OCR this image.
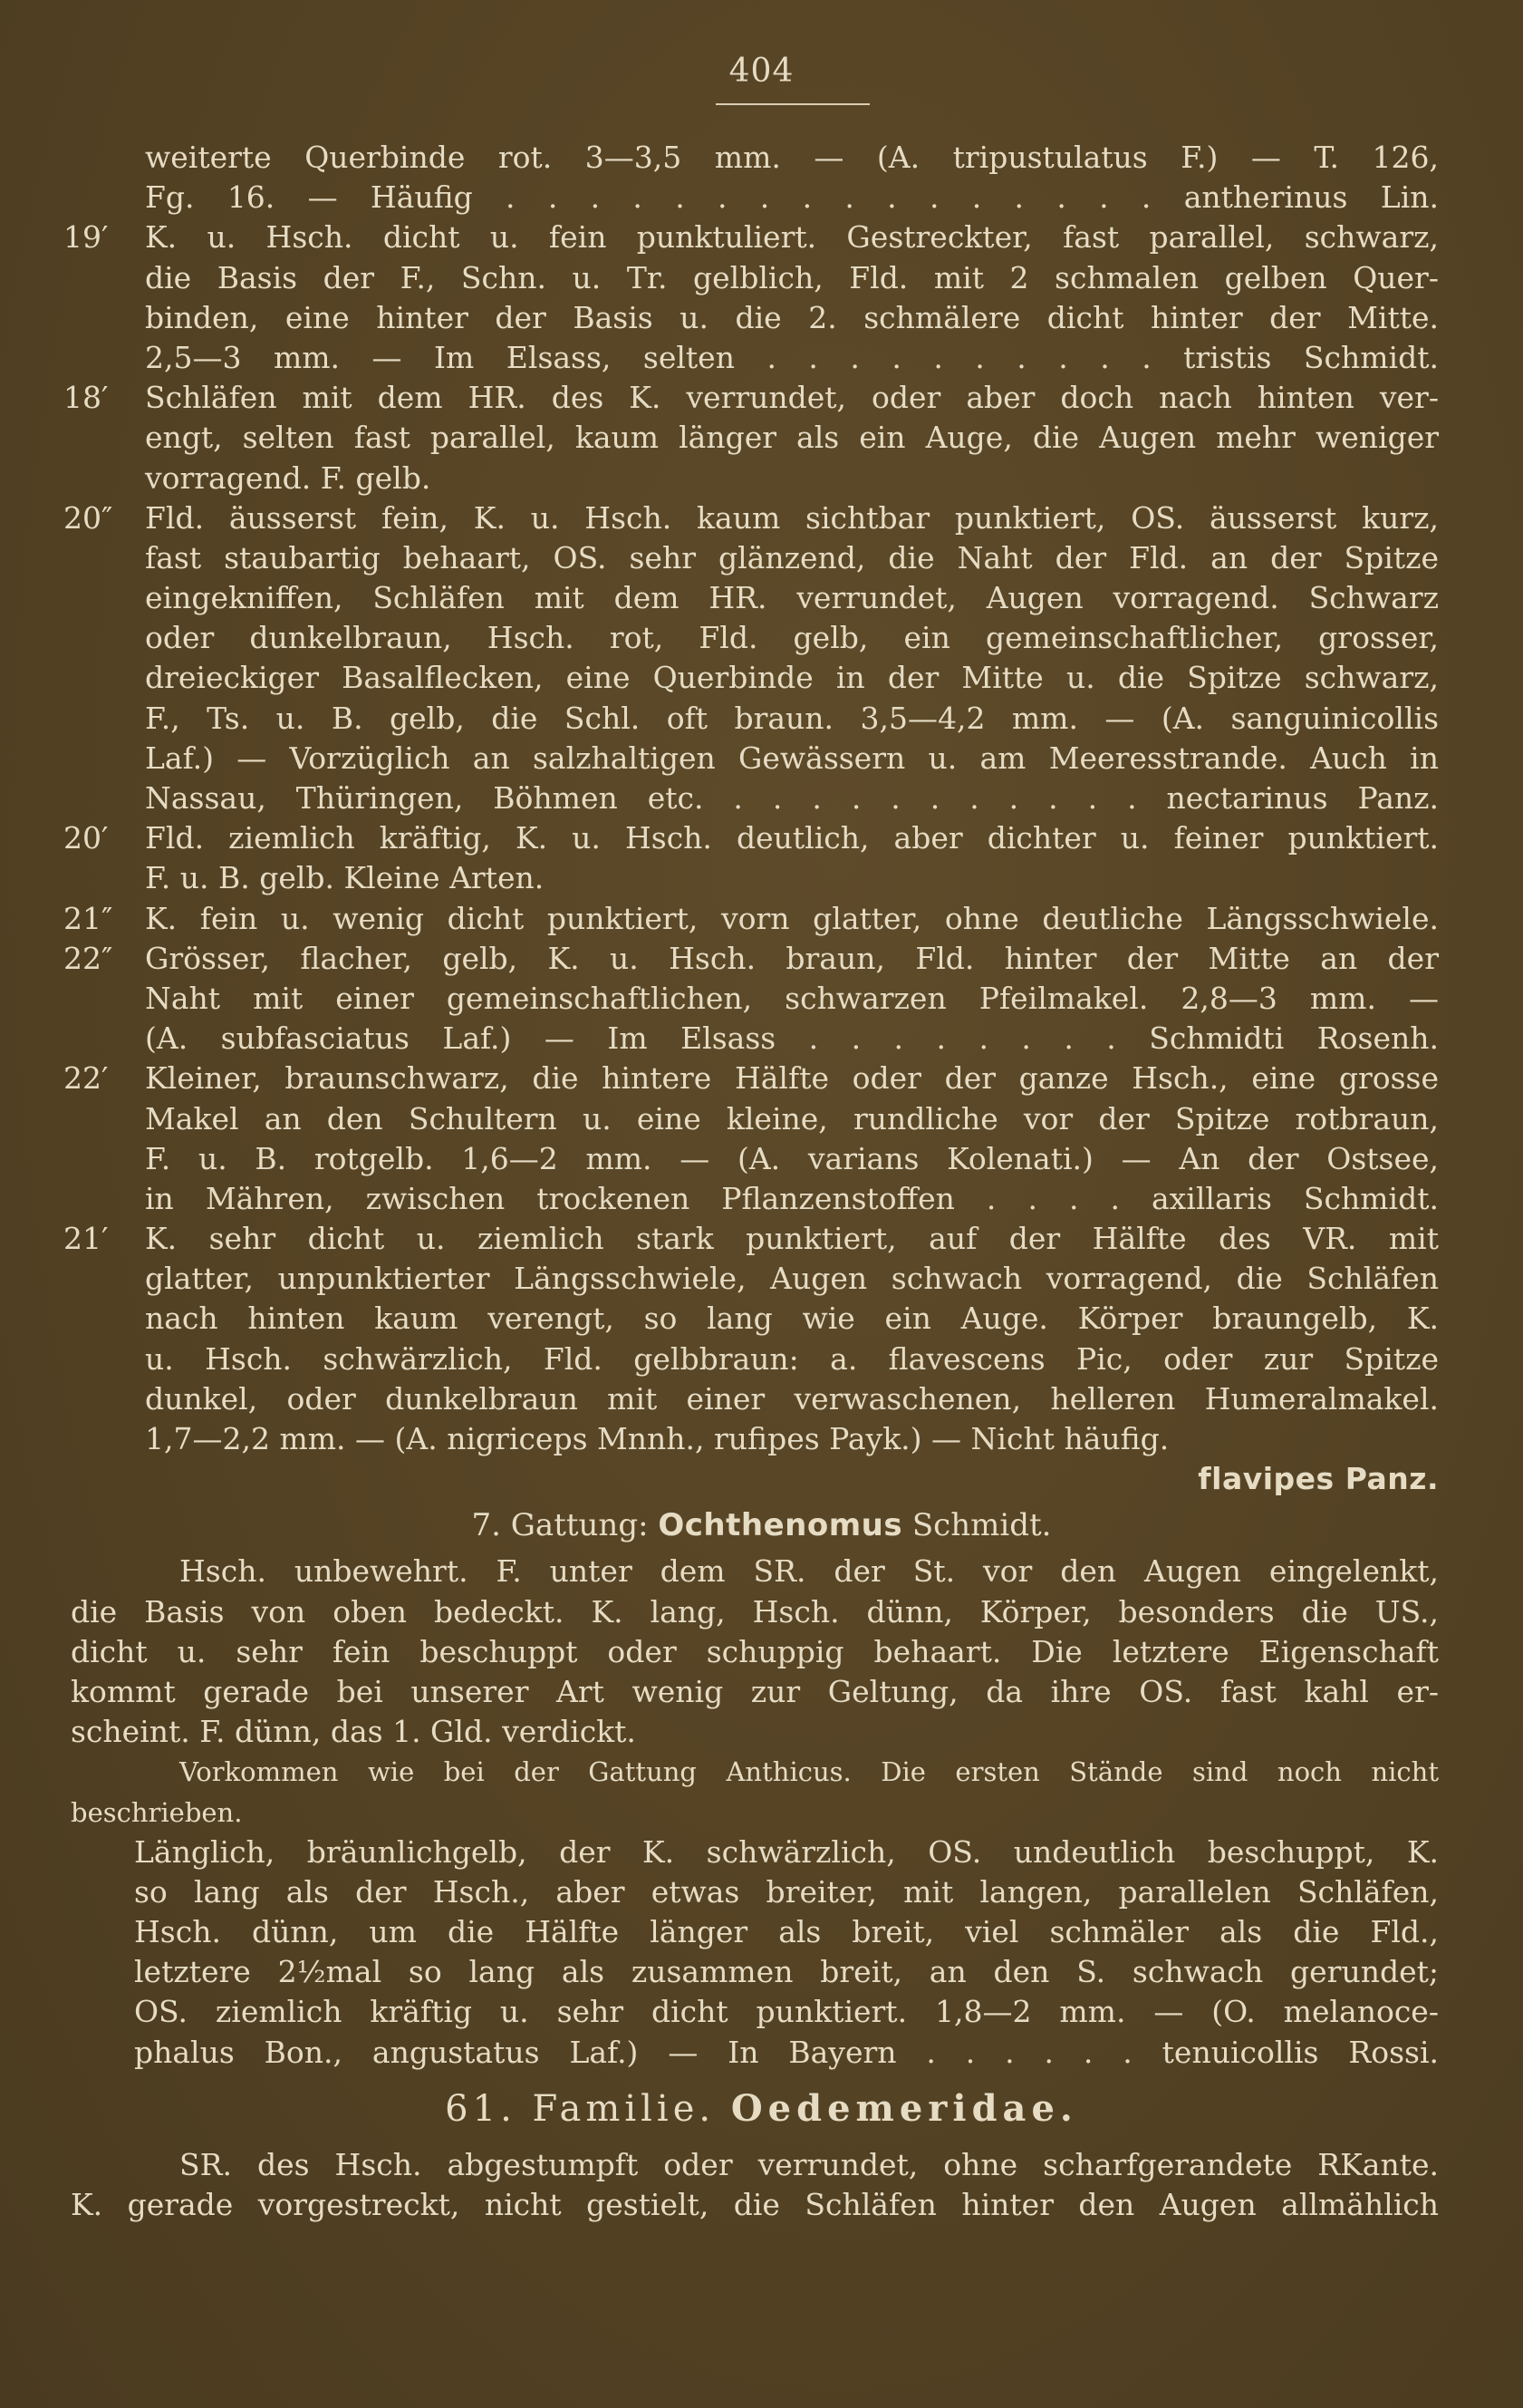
404
weiterte Querbinde rot. 3—3,5 mm. — (A. tripustulatus F.) — T. 126,
Fg. 16. — Häufig . . . . . . . . . . . . . . . . antherinus Lin.
19′ K. u. Hsch. dicht u. fein punktuliert. Gestreckter, fast parallel, schwarz,
die Basis der F., Schn. u. Tr. gelblich, Fld. mit 2 schmalen gelben Quer-
binden, eine hinter der Basis u. die 2. schmälere dicht hinter der Mitte.
2,5—3 mm. — Im Elsass, selten . . . . . . . . . . tristis Schmidt.
18′ Schläfen mit dem HR. des K. verrundet, oder aber doch nach hinten ver-
engt, selten fast parallel, kaum länger als ein Auge, die Augen mehr weniger
vorragend. F. gelb.
20″ Fld. äusserst fein, K. u. Hsch. kaum sichtbar punktiert, OS. äusserst kurz,
fast staubartig behaart, OS. sehr glänzend, die Naht der Fld. an der Spitze
eingekniffen, Schläfen mit dem HR. verrundet, Augen vorragend. Schwarz
oder dunkelbraun, Hsch. rot, Fld. gelb, ein gemeinschaftlicher, grosser,
dreieckiger Basalflecken, eine Querbinde in der Mitte u. die Spitze schwarz,
F., Ts. u. B. gelb, die Schl. oft braun. 3,5—4,2 mm. — (A. sanguinicollis
Laf.) — Vorzüglich an salzhaltigen Gewässern u. am Meeresstrande. Auch in
Nassau, Thüringen, Böhmen etc. . . . . . . . . . . . nectarinus Panz.
20′ Fld. ziemlich kräftig, K. u. Hsch. deutlich, aber dichter u. feiner punktiert.
F. u. B. gelb. Kleine Arten.
21″ K. fein u. wenig dicht punktiert, vorn glatter, ohne deutliche Längsschwiele.
22″ Grösser, flacher, gelb, K. u. Hsch. braun, Fld. hinter der Mitte an der
Naht mit einer gemeinschaftlichen, schwarzen Pfeilmakel. 2,8—3 mm. —
(A. subfasciatus Laf.) — Im Elsass . . . . . . . . Schmidti Rosenh.
22′ Kleiner, braunschwarz, die hintere Hälfte oder der ganze Hsch., eine grosse
Makel an den Schultern u. eine kleine, rundliche vor der Spitze rotbraun,
F. u. B. rotgelb. 1,6—2 mm. — (A. varians Kolenati.) — An der Ostsee,
in Mähren, zwischen trockenen Pflanzenstoffen . . . . axillaris Schmidt.
21′ K. sehr dicht u. ziemlich stark punktiert, auf der Hälfte des VR. mit
glatter, unpunktierter Längsschwiele, Augen schwach vorragend, die Schläfen
nach hinten kaum verengt, so lang wie ein Auge. Körper braungelb, K.
u. Hsch. schwärzlich, Fld. gelbbraun: a. flavescens Pic, oder zur Spitze
dunkel, oder dunkelbraun mit einer verwaschenen, helleren Humeralmakel.
1,7—2,2 mm. — (A. nigriceps Mnnh., rufipes Payk.) — Nicht häufig.
flavipes Panz.
7. Gattung: Ochthenomus Schmidt.
Hsch. unbewehrt. F. unter dem SR. der St. vor den Augen eingelenkt,
die Basis von oben bedeckt. K. lang, Hsch. dünn, Körper, besonders die US.,
dicht u. sehr fein beschuppt oder schuppig behaart. Die letztere Eigenschaft
kommt gerade bei unserer Art wenig zur Geltung, da ihre OS. fast kahl er-
scheint. F. dünn, das 1. Gld. verdickt.
Vorkommen wie bei der Gattung Anthicus. Die ersten Stände sind noch nicht
beschrieben.
Länglich, bräunlichgelb, der K. schwärzlich, OS. undeutlich beschuppt, K.
so lang als der Hsch., aber etwas breiter, mit langen, parallelen Schläfen,
Hsch. dünn, um die Hälfte länger als breit, viel schmäler als die Fld.,
letztere 2½mal so lang als zusammen breit, an den S. schwach gerundet;
OS. ziemlich kräftig u. sehr dicht punktiert. 1,8—2 mm. — (O. melanoce-
phalus Bon., angustatus Laf.) — In Bayern . . . . . . tenuicollis Rossi.
61. Familie. Oedemeridae.
SR. des Hsch. abgestumpft oder verrundet, ohne scharfgerandete RKante.
K. gerade vorgestreckt, nicht gestielt, die Schläfen hinter den Augen allmählich
